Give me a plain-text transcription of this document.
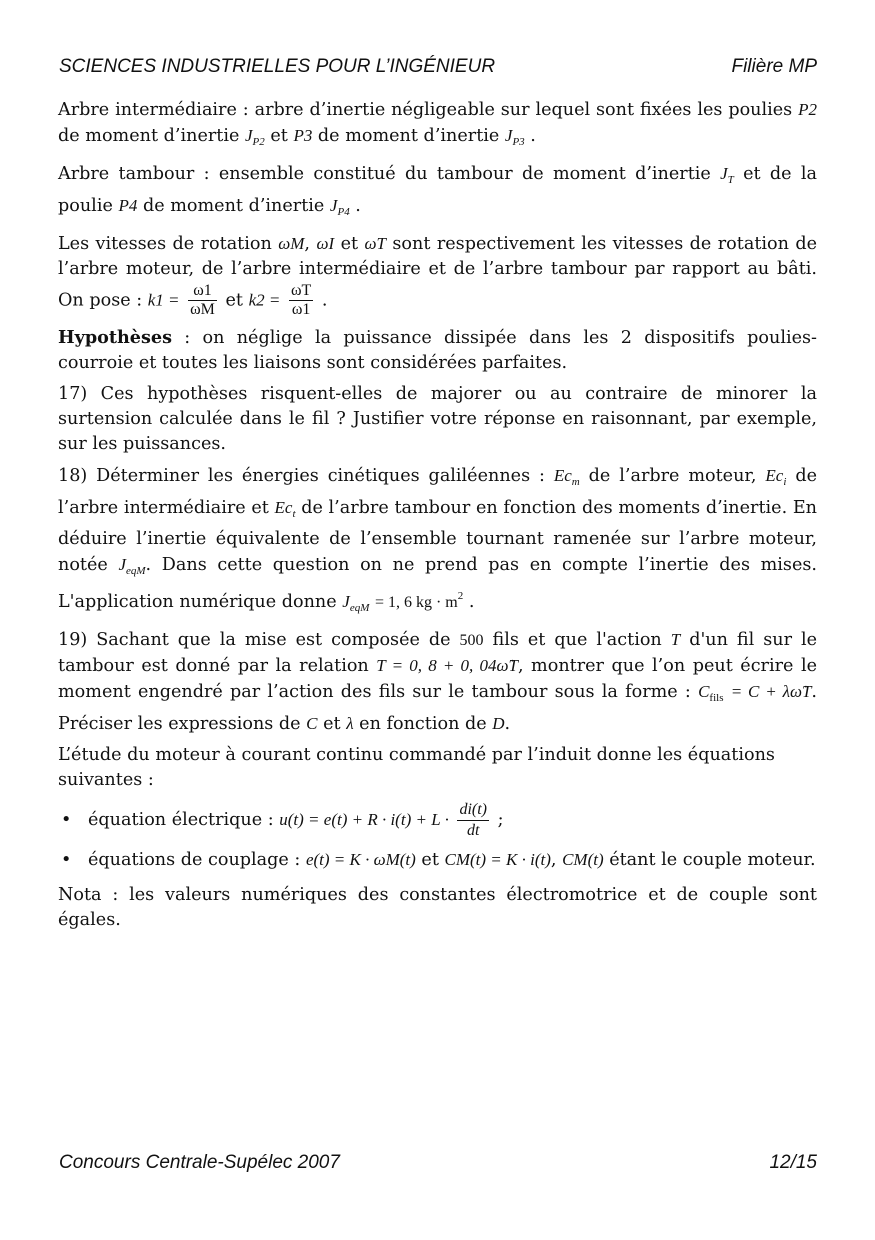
SCIENCES INDUSTRIELLES POUR L’INGÉNIEUR	Filière MP

Arbre intermédiaire : arbre d’inertie négligeable sur lequel sont fixées les poulies P2 de moment d’inertie $J_{P2}$ et P3 de moment d’inertie $J_{P3}$ .

Arbre tambour : ensemble constitué du tambour de moment d’inertie $J_T$ et de la poulie P4 de moment d’inertie $J_{P4}$ .

Les vitesses de rotation ωM, ωI et ωT sont respectivement les vitesses de rotation de l’arbre moteur, de l’arbre intermédiaire et de l’arbre tambour par rapport au bâti. On pose : $k1 = \frac{\omega 1}{\omega M}$ et $k2 = \frac{\omega T}{\omega 1}$ .

Hypothèses : on néglige la puissance dissipée dans les 2 dispositifs poulies-courroie et toutes les liaisons sont considérées parfaites.

17) Ces hypothèses risquent-elles de majorer ou au contraire de minorer la surtension calculée dans le fil ? Justifier votre réponse en raisonnant, par exemple, sur les puissances.

18) Déterminer les énergies cinétiques galiléennes : $Ec_m$ de l’arbre moteur, $Ec_i$ de l’arbre intermédiaire et $Ec_t$ de l’arbre tambour en fonction des moments d’inertie. En déduire l’inertie équivalente de l’ensemble tournant ramenée sur l’arbre moteur, notée $J_{eqM}$. Dans cette question on ne prend pas en compte l’inertie des mises. L'application numérique donne $J_{eqM} = 1$, 6 kg · $m^2$ .

19) Sachant que la mise est composée de 500 fils et que l'action T d'un fil sur le tambour est donné par la relation T = 0, 8 + 0, 04ω̇T, montrer que l’on peut écrire le moment engendré par l’action des fils sur le tambour sous la forme : $C_{fils} = C$ + λω̇T. Préciser les expressions de C et λ en fonction de D.

L’étude du moteur à courant continu commandé par l’induit donne les équations suivantes :

• équation électrique : $u(t) = e(t) + R \cdot i(t) + L \cdot \frac{di(t)}{dt}$ ;
• équations de couplage : e(t) = K · ωM(t) et CM(t) = K · i(t), CM(t) étant le couple moteur.

Nota : les valeurs numériques des constantes électromotrice et de couple sont égales.

Concours Centrale-Supélec 2007	12/15
